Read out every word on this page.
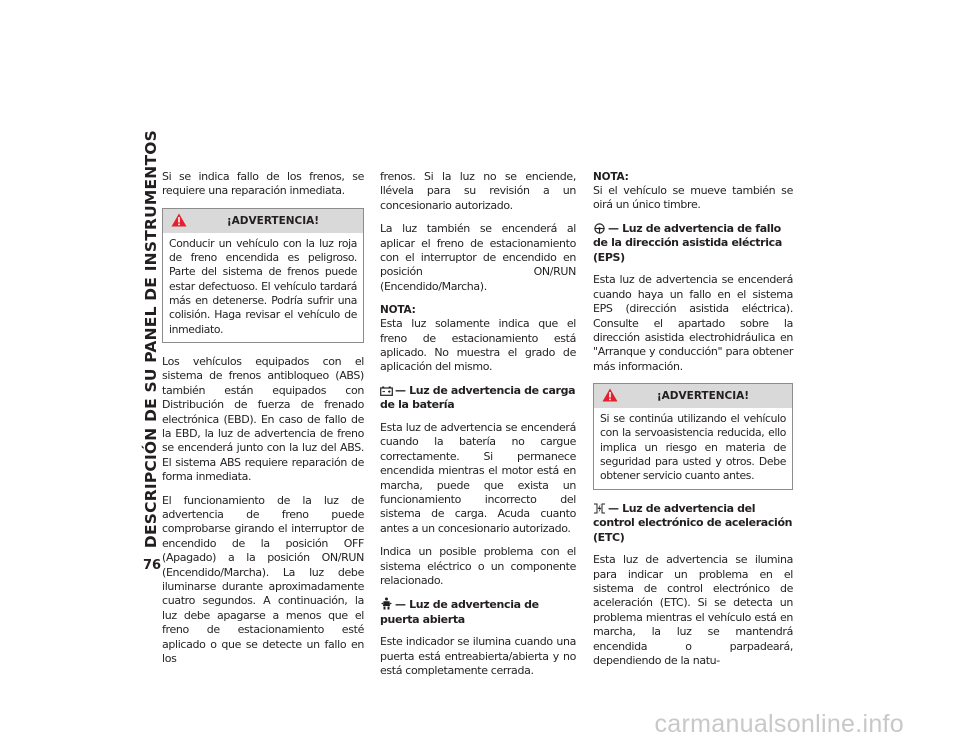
DESCRIPCIÓN DE SU PANEL DE INSTRUMENTOS
76

Si se indica fallo de los frenos, se requiere una reparación inmediata.

¡ADVERTENCIA!

Conducir un vehículo con la luz roja de freno encendida es peligroso. Parte del sistema de frenos puede estar defectuoso. El vehículo tardará más en detenerse. Podría sufrir una colisión. Haga revisar el vehículo de inmediato.

Los vehículos equipados con el sistema de frenos antibloqueo (ABS) también están equipados con Distribución de fuerza de frenado electrónica (EBD). En caso de fallo de la EBD, la luz de advertencia de freno se encenderá junto con la luz del ABS. El sistema ABS requiere reparación de forma inmediata.

El funcionamiento de la luz de advertencia de freno puede comprobarse girando el interruptor de encendido de la posición OFF (Apagado) a la posición ON/RUN (Encendido/Marcha). La luz debe iluminarse durante aproximadamente cuatro segundos. A continuación, la luz debe apagarse a menos que el freno de estacionamiento esté aplicado o que se detecte un fallo en los

frenos. Si la luz no se enciende, llévela para su revisión a un concesionario autorizado.

La luz también se encenderá al aplicar el freno de estacionamiento con el interruptor de encendido en posición ON/RUN (Encendido/Marcha).

NOTA:

Esta luz solamente indica que el freno de estacionamiento está aplicado. No muestra el grado de aplicación del mismo.

— Luz de advertencia de carga de la batería

Esta luz de advertencia se encenderá cuando la batería no cargue correctamente. Si permanece encendida mientras el motor está en marcha, puede que exista un funcionamiento incorrecto del sistema de carga. Acuda cuanto antes a un concesionario autorizado.

Indica un posible problema con el sistema eléctrico o un componente relacionado.

— Luz de advertencia de puerta abierta

Este indicador se ilumina cuando una puerta está entreabierta/abierta y no está completamente cerrada.

NOTA:

Si el vehículo se mueve también se oirá un único timbre.

— Luz de advertencia de fallo de la dirección asistida eléctrica (EPS)

Esta luz de advertencia se encenderá cuando haya un fallo en el sistema EPS (dirección asistida eléctrica). Consulte el apartado sobre la dirección asistida electrohidráulica en "Arranque y conducción" para obtener más información.

¡ADVERTENCIA!

Si se continúa utilizando el vehículo con la servoasistencia reducida, ello implica un riesgo en materia de seguridad para usted y otros. Debe obtener servicio cuanto antes.

— Luz de advertencia del control electrónico de aceleración (ETC)

Esta luz de advertencia se ilumina para indicar un problema en el sistema de control electrónico de aceleración (ETC). Si se detecta un problema mientras el vehículo está en marcha, la luz se mantendrá encendida o parpadeará, dependiendo de la natu-

carmanualsonline.info
